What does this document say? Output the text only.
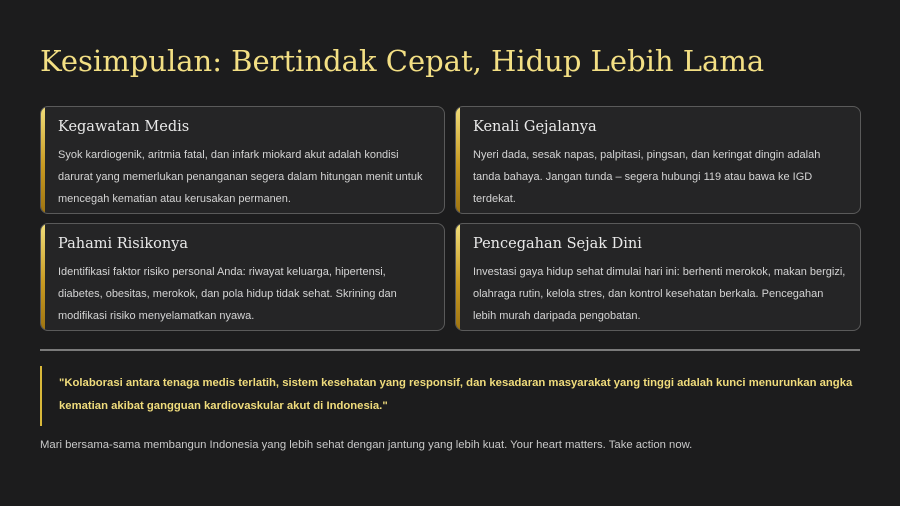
Kesimpulan: Bertindak Cepat, Hidup Lebih Lama
Kegawatan Medis
Syok kardiogenik, aritmia fatal, dan infark miokard akut adalah kondisi darurat yang memerlukan penanganan segera dalam hitungan menit untuk mencegah kematian atau kerusakan permanen.
Kenali Gejalanya
Nyeri dada, sesak napas, palpitasi, pingsan, dan keringat dingin adalah tanda bahaya. Jangan tunda – segera hubungi 119 atau bawa ke IGD terdekat.
Pahami Risikonya
Identifikasi faktor risiko personal Anda: riwayat keluarga, hipertensi, diabetes, obesitas, merokok, dan pola hidup tidak sehat. Skrining dan modifikasi risiko menyelamatkan nyawa.
Pencegahan Sejak Dini
Investasi gaya hidup sehat dimulai hari ini: berhenti merokok, makan bergizi, olahraga rutin, kelola stres, dan kontrol kesehatan berkala. Pencegahan lebih murah daripada pengobatan.
"Kolaborasi antara tenaga medis terlatih, sistem kesehatan yang responsif, dan kesadaran masyarakat yang tinggi adalah kunci menurunkan angka kematian akibat gangguan kardiovaskular akut di Indonesia."
Mari bersama-sama membangun Indonesia yang lebih sehat dengan jantung yang lebih kuat. Your heart matters. Take action now.
